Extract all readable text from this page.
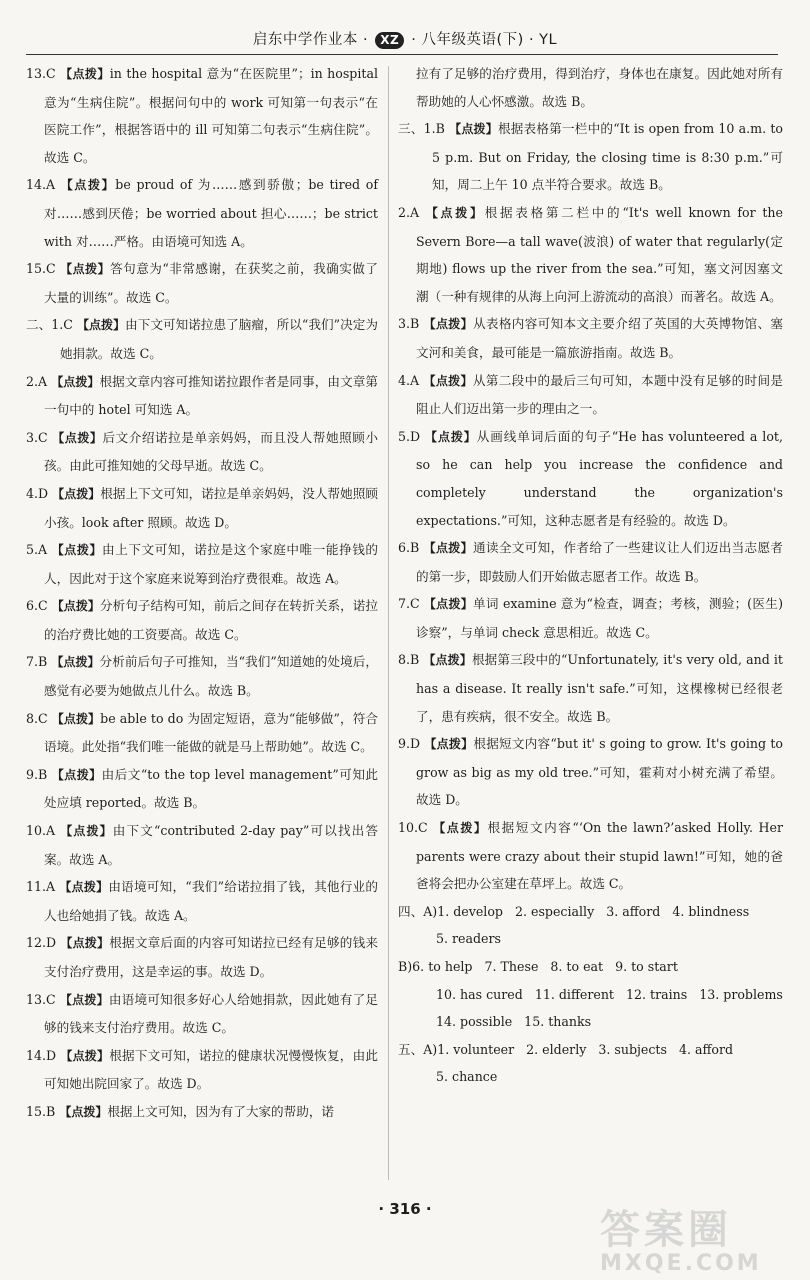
启东中学作业本 · XZ · 八年级英语(下) · YL
13.C 【点拨】in the hospital 意为“在医院里”；in hospital 意为“生病住院”。根据问句中的 work 可知第一句表示“在医院工作”，根据答语中的 ill 可知第二句表示“生病住院”。故选 C。
14.A 【点拨】be proud of 为……感到骄傲；be tired of 对……感到厌倦；be worried about 担心……；be strict with 对……严格。由语境可知选 A。
15.C 【点拨】答句意为“非常感谢，在获奖之前，我确实做了大量的训练”。故选 C。
二、1.C 【点拨】由下文可知诺拉患了脑瘤，所以“我们”决定为她捐款。故选 C。
2.A 【点拨】根据文章内容可推知诺拉跟作者是同事，由文章第一句中的 hotel 可知选 A。
3.C 【点拨】后文介绍诺拉是单亲妈妈，而且没人帮她照顾小孩。由此可推知她的父母早逝。故选 C。
4.D 【点拨】根据上下文可知，诺拉是单亲妈妈，没人帮她照顾小孩。look after 照顾。故选 D。
5.A 【点拨】由上下文可知，诺拉是这个家庭中唯一能挣钱的人，因此对于这个家庭来说筹到治疗费很难。故选 A。
6.C 【点拨】分析句子结构可知，前后之间存在转折关系，诺拉的治疗费比她的工资要高。故选 C。
7.B 【点拨】分析前后句子可推知，当“我们”知道她的处境后，感觉有必要为她做点儿什么。故选 B。
8.C 【点拨】be able to do 为固定短语，意为“能够做”，符合语境。此处指“我们唯一能做的就是马上帮助她”。故选 C。
9.B 【点拨】由后文“to the top level management”可知此处应填 reported。故选 B。
10.A 【点拨】由下文“contributed 2-day pay”可以找出答案。故选 A。
11.A 【点拨】由语境可知，“我们”给诺拉捐了钱，其他行业的人也给她捐了钱。故选 A。
12.D 【点拨】根据文章后面的内容可知诺拉已经有足够的钱来支付治疗费用，这是幸运的事。故选 D。
13.C 【点拨】由语境可知很多好心人给她捐款，因此她有了足够的钱来支付治疗费用。故选 C。
14.D 【点拨】根据下文可知，诺拉的健康状况慢慢恢复，由此可知她出院回家了。故选 D。
15.B 【点拨】根据上文可知，因为有了大家的帮助，诺
拉有了足够的治疗费用，得到治疗，身体也在康复。因此她对所有帮助她的人心怀感激。故选 B。
三、1.B 【点拨】根据表格第一栏中的“It is open from 10 a.m. to 5 p.m. But on Friday, the closing time is 8:30 p.m.”可知，周二上午 10 点半符合要求。故选 B。
2.A 【点拨】根据表格第二栏中的“It's well known for the Severn Bore—a tall wave(波浪) of water that regularly(定期地) flows up the river from the sea.”可知，塞文河因塞文潮（一种有规律的从海上向河上游流动的高浪）而著名。故选 A。
3.B 【点拨】从表格内容可知本文主要介绍了英国的大英博物馆、塞文河和美食，最可能是一篇旅游指南。故选 B。
4.A 【点拨】从第二段中的最后三句可知，本题中没有足够的时间是阻止人们迈出第一步的理由之一。
5.D 【点拨】从画线单词后面的句子“He has volunteered a lot, so he can help you increase the confidence and completely understand the organization's expectations.”可知，这种志愿者是有经验的。故选 D。
6.B 【点拨】通读全文可知，作者给了一些建议让人们迈出当志愿者的第一步，即鼓励人们开始做志愿者工作。故选 B。
7.C 【点拨】单词 examine 意为“检查，调查；考核，测验；(医生)诊察”，与单词 check 意思相近。故选 C。
8.B 【点拨】根据第三段中的“Unfortunately, it's very old, and it has a disease. It really isn't safe.”可知，这棵橡树已经很老了，患有疾病，很不安全。故选 B。
9.D 【点拨】根据短文内容“but it' s going to grow. It's going to grow as big as my old tree.”可知，霍莉对小树充满了希望。故选 D。
10.C 【点拨】根据短文内容“‘On the lawn?’asked Holly. Her parents were crazy about their stupid lawn!”可知，她的爸爸将会把办公室建在草坪上。故选 C。
四、A)1. develop   2. especially   3. afford   4. blindness
5. readers
B)6. to help   7. These   8. to eat   9. to start
10. has cured   11. different   12. trains   13. problems
14. possible   15. thanks
五、A)1. volunteer   2. elderly   3. subjects   4. afford
5. chance
· 316 ·	答案圈
MXQE.COM
